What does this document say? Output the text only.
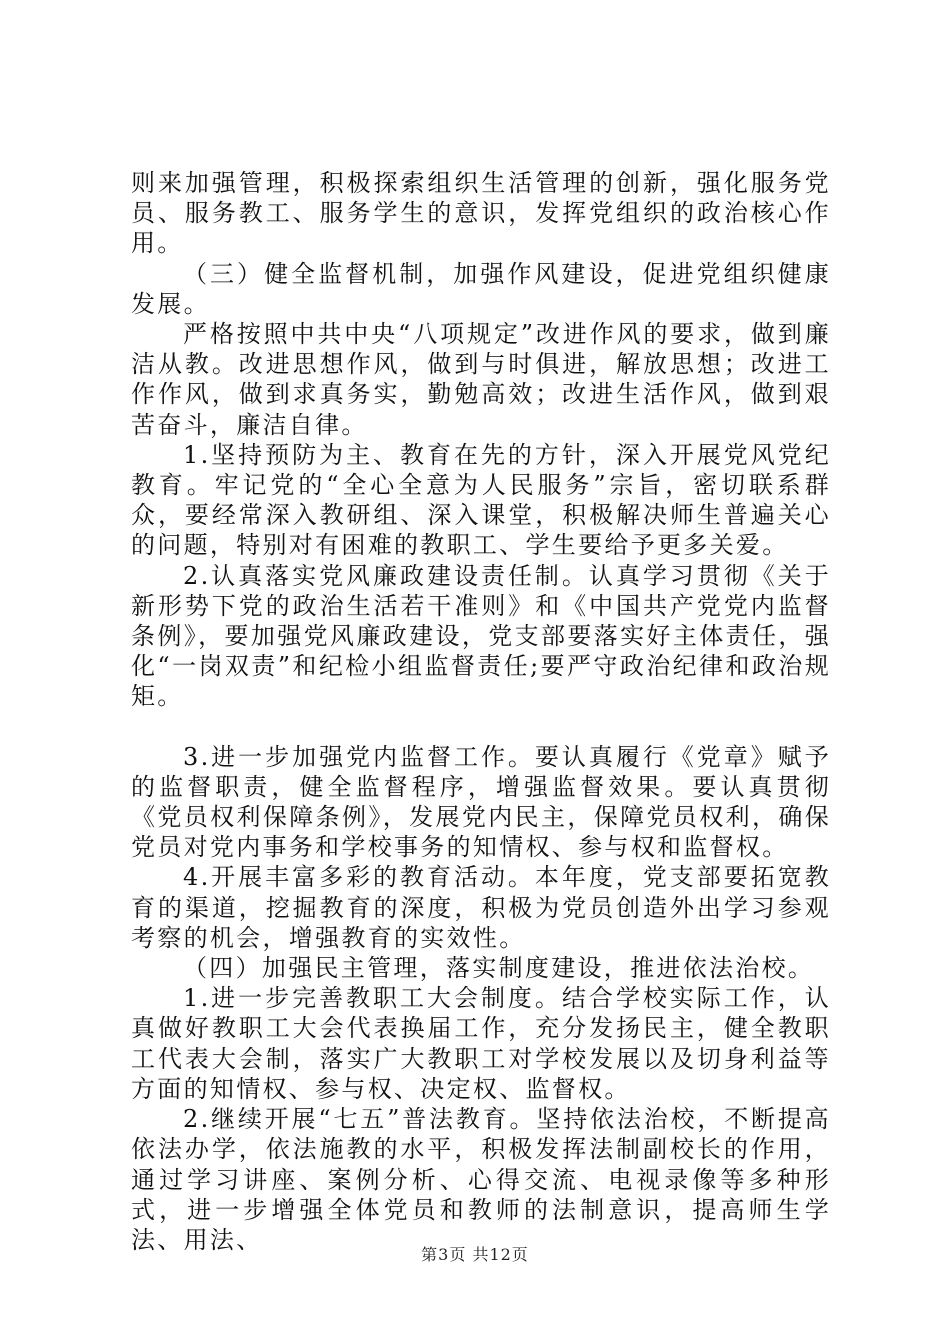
则来加强管理，积极探索组织生活管理的创新，强化服务党员、服务教工、服务学生的意识，发挥党组织的政治核心作用。

（三）健全监督机制，加强作风建设，促进党组织健康发展。

严格按照中共中央“八项规定”改进作风的要求，做到廉洁从教。改进思想作风，做到与时俱进，解放思想；改进工作作风，做到求真务实，勤勉高效；改进生活作风，做到艰苦奋斗，廉洁自律。

1.坚持预防为主、教育在先的方针，深入开展党风党纪教育。牢记党的“全心全意为人民服务”宗旨，密切联系群众，要经常深入教研组、深入课堂，积极解决师生普遍关心的问题，特别对有困难的教职工、学生要给予更多关爱。

2.认真落实党风廉政建设责任制。认真学习贯彻《关于新形势下党的政治生活若干准则》和《中国共产党党内监督条例》，要加强党风廉政建设，党支部要落实好主体责任，强化“一岗双责”和纪检小组监督责任;要严守政治纪律和政治规矩。

3.进一步加强党内监督工作。要认真履行《党章》赋予的监督职责，健全监督程序，增强监督效果。要认真贯彻《党员权利保障条例》，发展党内民主，保障党员权利，确保党员对党内事务和学校事务的知情权、参与权和监督权。

4.开展丰富多彩的教育活动。本年度，党支部要拓宽教育的渠道，挖掘教育的深度，积极为党员创造外出学习参观考察的机会，增强教育的实效性。

（四）加强民主管理，落实制度建设，推进依法治校。

1.进一步完善教职工大会制度。结合学校实际工作，认真做好教职工大会代表换届工作，充分发扬民主，健全教职工代表大会制，落实广大教职工对学校发展以及切身利益等方面的知情权、参与权、决定权、监督权。

2.继续开展“七五”普法教育。坚持依法治校，不断提高依法办学，依法施教的水平，积极发挥法制副校长的作用，通过学习讲座、案例分析、心得交流、电视录像等多种形式，进一步增强全体党员和教师的法制意识，提高师生学法、用法、

第3页 共12页
